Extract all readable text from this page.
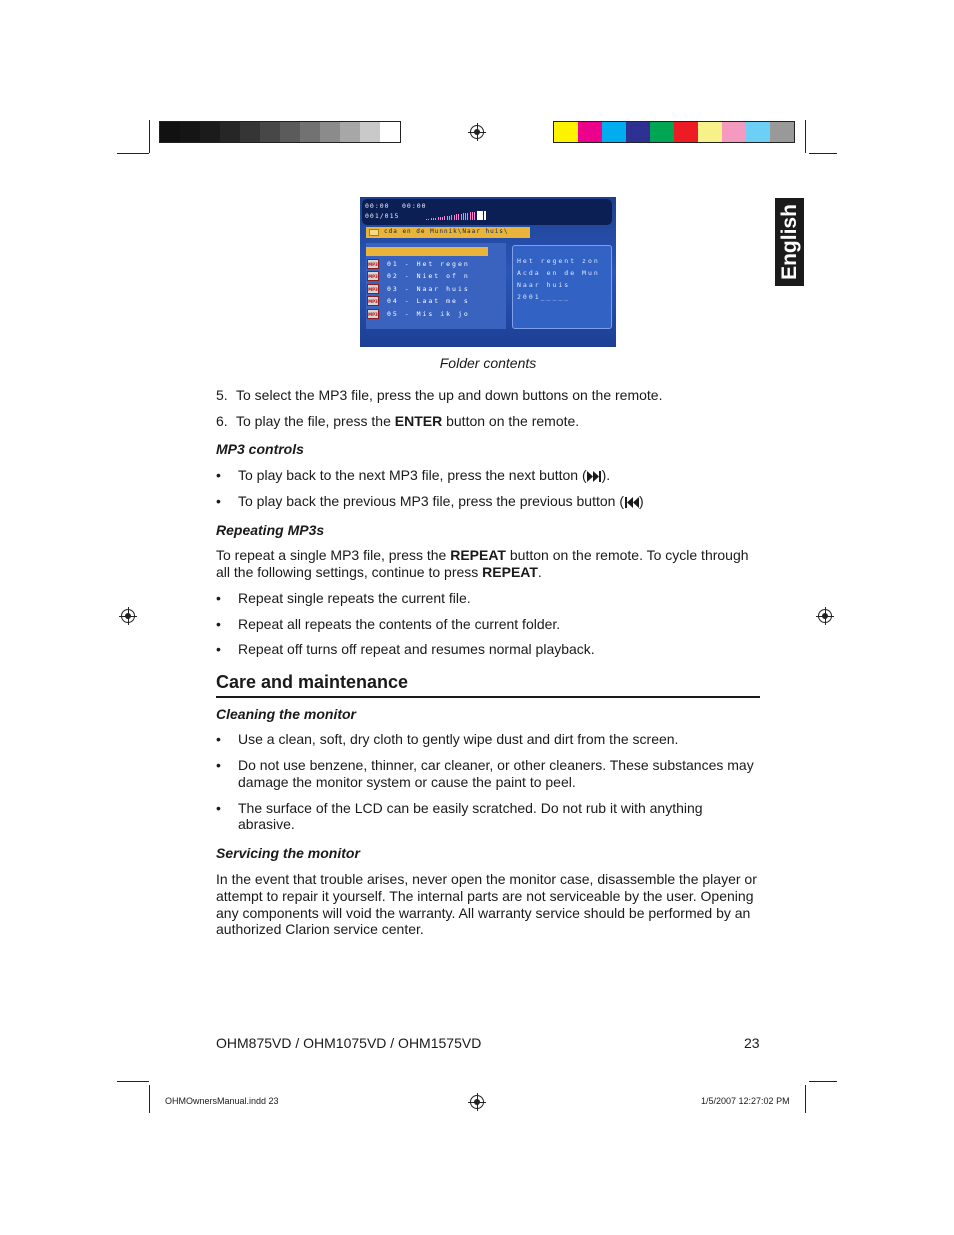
English
00:00 00:00
001/015
cda en de Munnik\Naar huis\
MP3 01 - Het regen
MP3 02 - Niet of n
MP3 03 - Naar huis
MP3 04 - Laat me s
MP3 05 - Mis ik jo
Het regent zon
Acda en de Mun
Naar huis
2001_____
Folder contents
5. To select the MP3 file, press the up and down buttons on the remote.
6. To play the file, press the ENTER button on the remote.
MP3 controls
• To play back to the next MP3 file, press the next button ( ).
• To play back the previous MP3 file, press the previous button ( )
Repeating MP3s
To repeat a single MP3 file, press the REPEAT button on the remote. To cycle through
all the following settings, continue to press REPEAT.
• Repeat single repeats the current file.
• Repeat all repeats the contents of the current folder.
• Repeat off turns off repeat and resumes normal playback.
Care and maintenance
Cleaning the monitor
• Use a clean, soft, dry cloth to gently wipe dust and dirt from the screen.
• Do not use benzene, thinner, car cleaner, or other cleaners. These substances may
damage the monitor system or cause the paint to peel.
• The surface of the LCD can be easily scratched. Do not rub it with anything
abrasive.
Servicing the monitor
In the event that trouble arises, never open the monitor case, disassemble the player or
attempt to repair it yourself. The internal parts are not serviceable by the user. Opening
any components will void the warranty. All warranty service should be performed by an
authorized Clarion service center.
OHM875VD / OHM1075VD / OHM1575VD	23
OHMOwnersManual.indd 23	1/5/2007 12:27:02 PM
